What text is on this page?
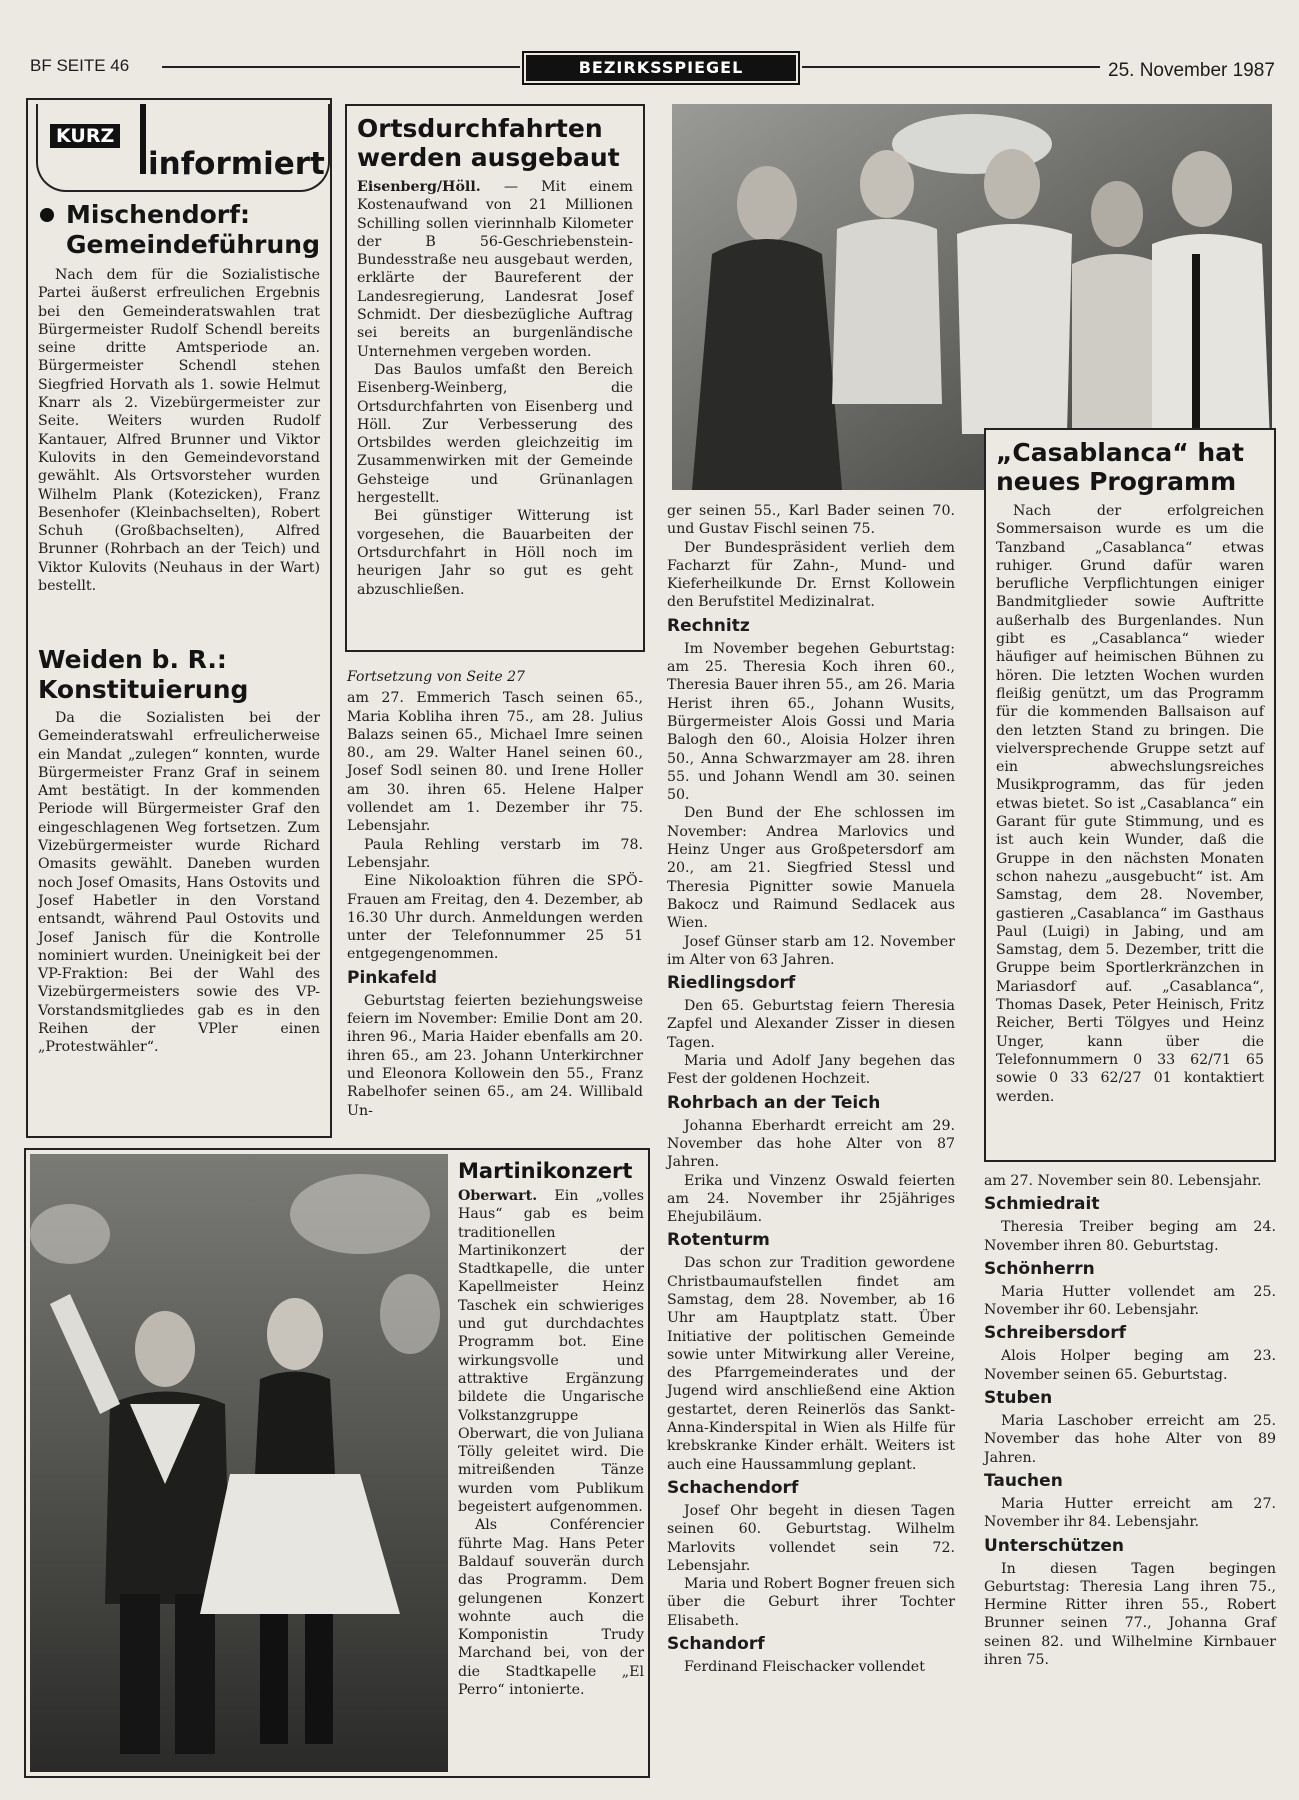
BF SEITE 46	BEZIRKSSPIEGEL	25. November 1987
KURZ
informiert
Mischendorf: Gemeindeführung

Nach dem für die Sozialistische Partei äußerst erfreulichen Ergebnis bei den Gemeinderatswahlen trat Bürgermeister Rudolf Schendl bereits seine dritte Amtsperiode an. Bürgermeister Schendl stehen Siegfried Horvath als 1. sowie Helmut Knarr als 2. Vizebürgermeister zur Seite. Weiters wurden Rudolf Kantauer, Alfred Brunner und Viktor Kulovits in den Gemeindevorstand gewählt. Als Ortsvorsteher wurden Wilhelm Plank (Kotezicken), Franz Besenhofer (Kleinbachselten), Robert Schuh (Großbachselten), Alfred Brunner (Rohrbach an der Teich) und Viktor Kulovits (Neuhaus in der Wart) bestellt.

Weiden b. R.: Konstituierung

Da die Sozialisten bei der Gemeinderatswahl erfreulicherweise ein Mandat „zulegen“ konnten, wurde Bürgermeister Franz Graf in seinem Amt bestätigt. In der kommenden Periode will Bürgermeister Graf den eingeschlagenen Weg fortsetzen. Zum Vizebürgermeister wurde Richard Omasits gewählt. Daneben wurden noch Josef Omasits, Hans Ostovits und Josef Habetler in den Vorstand entsandt, während Paul Ostovits und Josef Janisch für die Kontrolle nominiert wurden. Uneinigkeit bei der VP-Fraktion: Bei der Wahl des Vizebürgermeisters sowie des VP-Vorstandsmitgliedes gab es in den Reihen der VPler einen „Protestwähler“.

Ortsdurchfahrten werden ausgebaut

Eisenberg/Höll. — Mit einem Kostenaufwand von 21 Millionen Schilling sollen vierinnhalb Kilometer der B 56-Geschriebenstein-Bundesstraße neu ausgebaut werden, erklärte der Baureferent der Landesregierung, Landesrat Josef Schmidt. Der diesbezügliche Auftrag sei bereits an burgenländische Unternehmen vergeben worden.

Das Baulos umfaßt den Bereich Eisenberg-Weinberg, die Ortsdurchfahrten von Eisenberg und Höll. Zur Verbesserung des Ortsbildes werden gleichzeitig im Zusammenwirken mit der Gemeinde Gehsteige und Grünanlagen hergestellt.

Bei günstiger Witterung ist vorgesehen, die Bauarbeiten der Ortsdurchfahrt in Höll noch im heurigen Jahr so gut es geht abzuschließen.

Fortsetzung von Seite 27

am 27. Emmerich Tasch seinen 65., Maria Kobliha ihren 75., am 28. Julius Balazs seinen 65., Michael Imre seinen 80., am 29. Walter Hanel seinen 60., Josef Sodl seinen 80. und Irene Holler am 30. ihren 65. Helene Halper vollendet am 1. Dezember ihr 75. Lebensjahr.

Paula Rehling verstarb im 78. Lebensjahr.

Eine Nikoloaktion führen die SPÖ-Frauen am Freitag, den 4. Dezember, ab 16.30 Uhr durch. Anmeldungen werden unter der Telefonnummer 25 51 entgegengenommen.

Pinkafeld

Geburtstag feierten beziehungsweise feiern im November: Emilie Dont am 20. ihren 96., Maria Haider ebenfalls am 20. ihren 65., am 23. Johann Unterkirchner und Eleonora Kollowein den 55., Franz Rabelhofer seinen 65., am 24. Willibald Un-

ger seinen 55., Karl Bader seinen 70. und Gustav Fischl seinen 75.

Der Bundespräsident verlieh dem Facharzt für Zahn-, Mund- und Kieferheilkunde Dr. Ernst Kollowein den Berufstitel Medizinalrat.

Rechnitz

Im November begehen Geburtstag: am 25. Theresia Koch ihren 60., Theresia Bauer ihren 55., am 26. Maria Herist ihren 65., Johann Wusits, Bürgermeister Alois Gossi und Maria Balogh den 60., Aloisia Holzer ihren 50., Anna Schwarzmayer am 28. ihren 55. und Johann Wendl am 30. seinen 50.

Den Bund der Ehe schlossen im November: Andrea Marlovics und Heinz Unger aus Großpetersdorf am 20., am 21. Siegfried Stessl und Theresia Pignitter sowie Manuela Bakocz und Raimund Sedlacek aus Wien.

Josef Günser starb am 12. November im Alter von 63 Jahren.

Riedlingsdorf

Den 65. Geburtstag feiern Theresia Zapfel und Alexander Zisser in diesen Tagen.

Maria und Adolf Jany begehen das Fest der goldenen Hochzeit.

Rohrbach an der Teich

Johanna Eberhardt erreicht am 29. November das hohe Alter von 87 Jahren.

Erika und Vinzenz Oswald feierten am 24. November ihr 25jähriges Ehejubiläum.

Rotenturm

Das schon zur Tradition gewordene Christbaumaufstellen findet am Samstag, dem 28. November, ab 16 Uhr am Hauptplatz statt. Über Initiative der politischen Gemeinde sowie unter Mitwirkung aller Vereine, des Pfarrgemeinderates und der Jugend wird anschließend eine Aktion gestartet, deren Reinerlös das Sankt-Anna-Kinderspital in Wien als Hilfe für krebskranke Kinder erhält. Weiters ist auch eine Haussammlung geplant.

Schachendorf

Josef Ohr begeht in diesen Tagen seinen 60. Geburtstag. Wilhelm Marlovits vollendet sein 72. Lebensjahr.

Maria und Robert Bogner freuen sich über die Geburt ihrer Tochter Elisabeth.

Schandorf

Ferdinand Fleischacker vollendet

„Casablanca“ hat neues Programm

Nach der erfolgreichen Sommersaison wurde es um die Tanzband „Casablanca“ etwas ruhiger. Grund dafür waren berufliche Verpflichtungen einiger Bandmitglieder sowie Auftritte außerhalb des Burgenlandes. Nun gibt es „Casablanca“ wieder häufiger auf heimischen Bühnen zu hören. Die letzten Wochen wurden fleißig genützt, um das Programm für die kommenden Ballsaison auf den letzten Stand zu bringen. Die vielversprechende Gruppe setzt auf ein abwechslungsreiches Musikprogramm, das für jeden etwas bietet. So ist „Casablanca“ ein Garant für gute Stimmung, und es ist auch kein Wunder, daß die Gruppe in den nächsten Monaten schon nahezu „ausgebucht“ ist. Am Samstag, dem 28. November, gastieren „Casablanca“ im Gasthaus Paul (Luigi) in Jabing, und am Samstag, dem 5. Dezember, tritt die Gruppe beim Sportlerkränzchen in Mariasdorf auf. „Casablanca“, Thomas Dasek, Peter Heinisch, Fritz Reicher, Berti Tölgyes und Heinz Unger, kann über die Telefonnummern 0 33 62/71 65 sowie 0 33 62/27 01 kontaktiert werden.

am 27. November sein 80. Lebensjahr.

Schmiedrait

Theresia Treiber beging am 24. November ihren 80. Geburtstag.

Schönherrn

Maria Hutter vollendet am 25. November ihr 60. Lebensjahr.

Schreibersdorf

Alois Holper beging am 23. November seinen 65. Geburtstag.

Stuben

Maria Laschober erreicht am 25. November das hohe Alter von 89 Jahren.

Tauchen

Maria Hutter erreicht am 27. November ihr 84. Lebensjahr.

Unterschützen

In diesen Tagen begingen Geburtstag: Theresia Lang ihren 75., Hermine Ritter ihren 55., Robert Brunner seinen 77., Johanna Graf seinen 82. und Wilhelmine Kirnbauer ihren 75.

Martinikonzert

Oberwart. Ein „volles Haus“ gab es beim traditionellen Martinikonzert der Stadtkapelle, die unter Kapellmeister Heinz Taschek ein schwieriges und gut durchdachtes Programm bot. Eine wirkungsvolle und attraktive Ergänzung bildete die Ungarische Volkstanzgruppe Oberwart, die von Juliana Tölly geleitet wird. Die mitreißenden Tänze wurden vom Publikum begeistert aufgenommen.

Als Conférencier führte Mag. Hans Peter Baldauf souverän durch das Programm. Dem gelungenen Konzert wohnte auch die Komponistin Trudy Marchand bei, von der die Stadtkapelle „El Perro“ intonierte.
